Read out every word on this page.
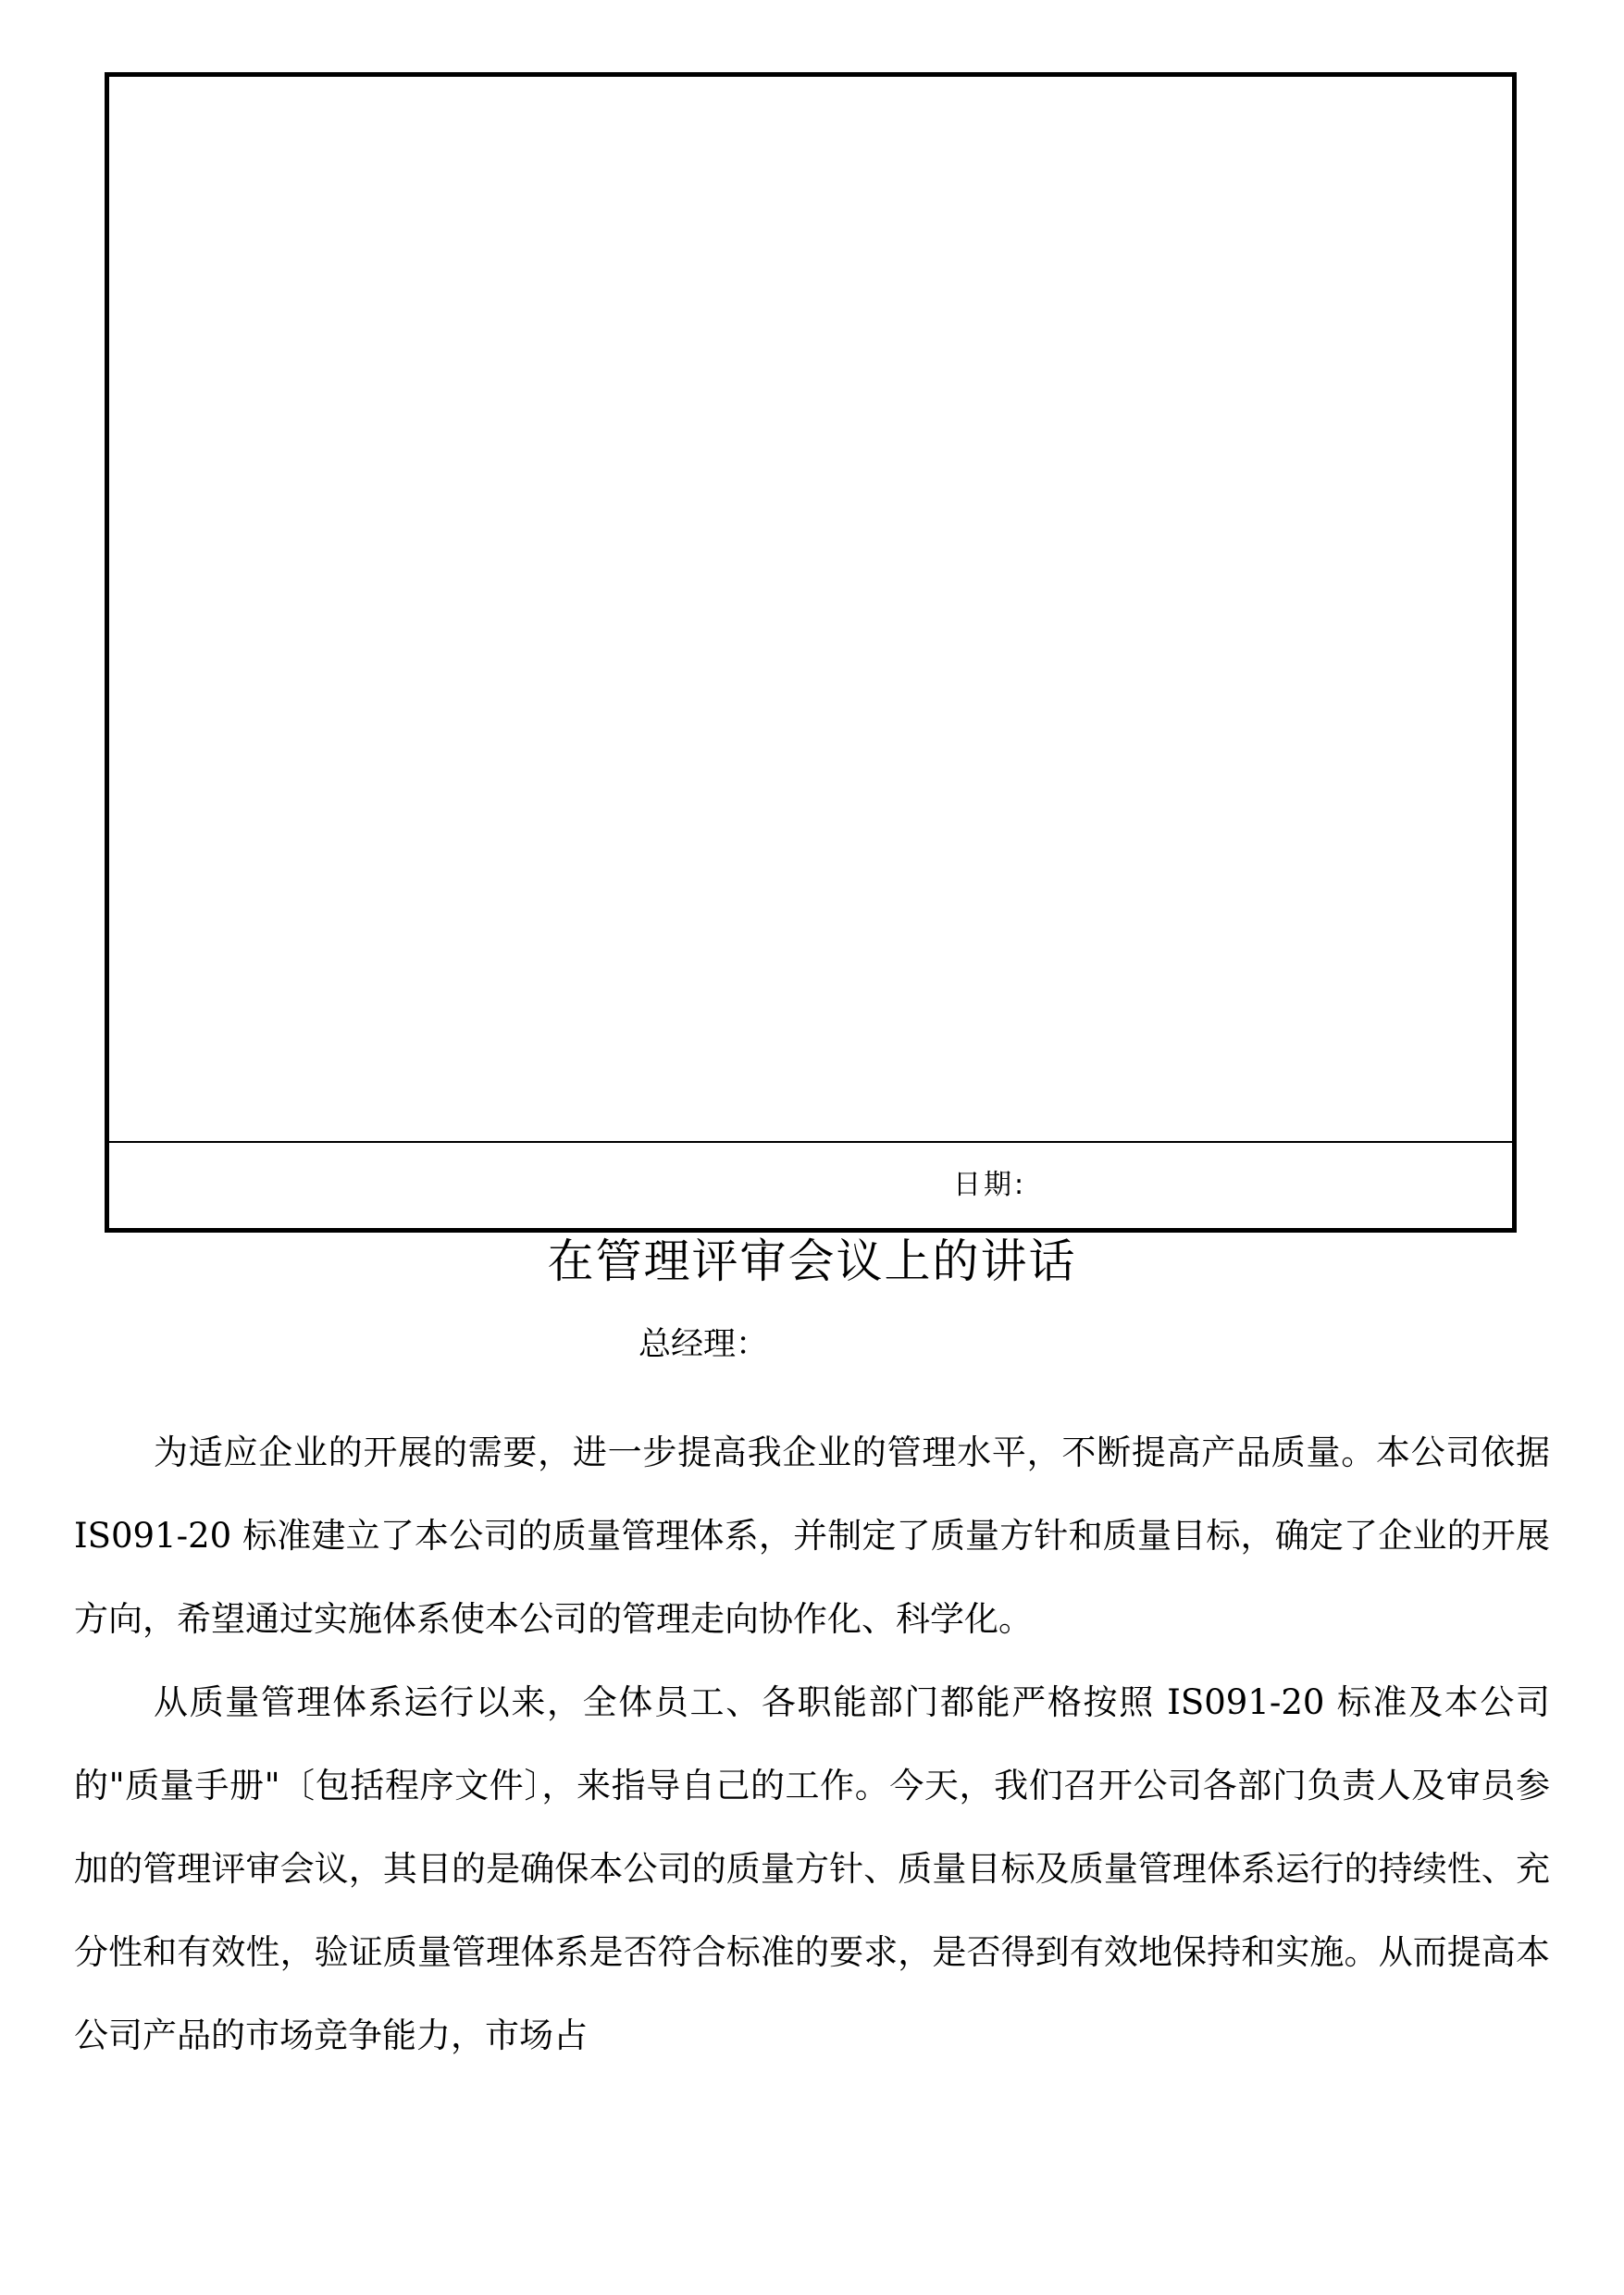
日期:
在管理评审会议上的讲话
总经理：

为适应企业的开展的需要，进一步提高我企业的管理水平，不断提高产品质量。本公司依据 IS091-20 标准建立了本公司的质量管理体系，并制定了质量方针和质量目标，确定了企业的开展方向，希望通过实施体系使本公司的管理走向协作化、科学化。

从质量管理体系运行以来，全体员工、各职能部门都能严格按照 IS091-20 标准及本公司的"质量手册"〔包括程序文件〕，来指导自己的工作。今天，我们召开公司各部门负责人及审员参加的管理评审会议，其目的是确保本公司的质量方针、质量目标及质量管理体系运行的持续性、充分性和有效性，验证质量管理体系是否符合标准的要求，是否得到有效地保持和实施。从而提高本公司产品的市场竞争能力，市场占
